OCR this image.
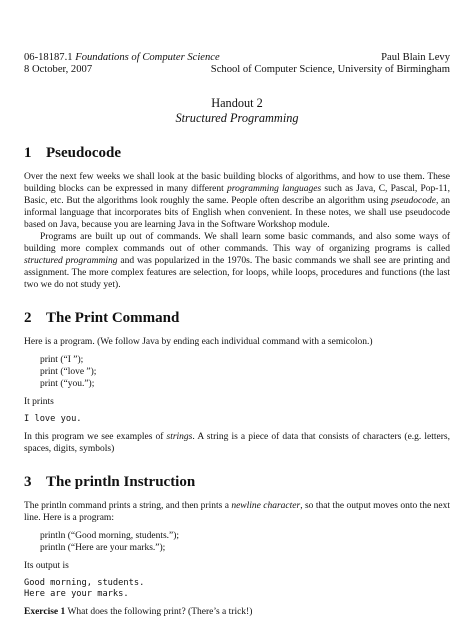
06-18187.1 Foundations of Computer Science	Paul Blain Levy
8 October, 2007	School of Computer Science, University of Birmingham
Handout 2
Structured Programming
1 Pseudocode

Over the next few weeks we shall look at the basic building blocks of algorithms, and how to use them. These building blocks can be expressed in many different programming languages such as Java, C, Pascal, Pop-11, Basic, etc. But the algorithms look roughly the same. People often describe an algorithm using pseudocode, an informal language that incorporates bits of English when convenient. In these notes, we shall use pseudocode based on Java, because you are learning Java in the Software Workshop module.

Programs are built up out of commands. We shall learn some basic commands, and also some ways of building more complex commands out of other commands. This way of organizing programs is called structured programming and was popularized in the 1970s. The basic commands we shall see are printing and assignment. The more complex features are selection, for loops, while loops, procedures and functions (the last two we do not study yet).

2 The Print Command

Here is a program. (We follow Java by ending each individual command with a semicolon.)

print (“I ”);
print (“love ”);
print (“you.”);

It prints

I love you.

In this program we see examples of strings. A string is a piece of data that consists of characters (e.g. letters, spaces, digits, symbols)

3 The println Instruction

The println command prints a string, and then prints a newline character, so that the output moves onto the next line. Here is a program:

println (“Good morning, students.”);
println (“Here are your marks.”);

Its output is

Good morning, students.
Here are your marks.

Exercise 1 What does the following print? (There’s a trick!)
